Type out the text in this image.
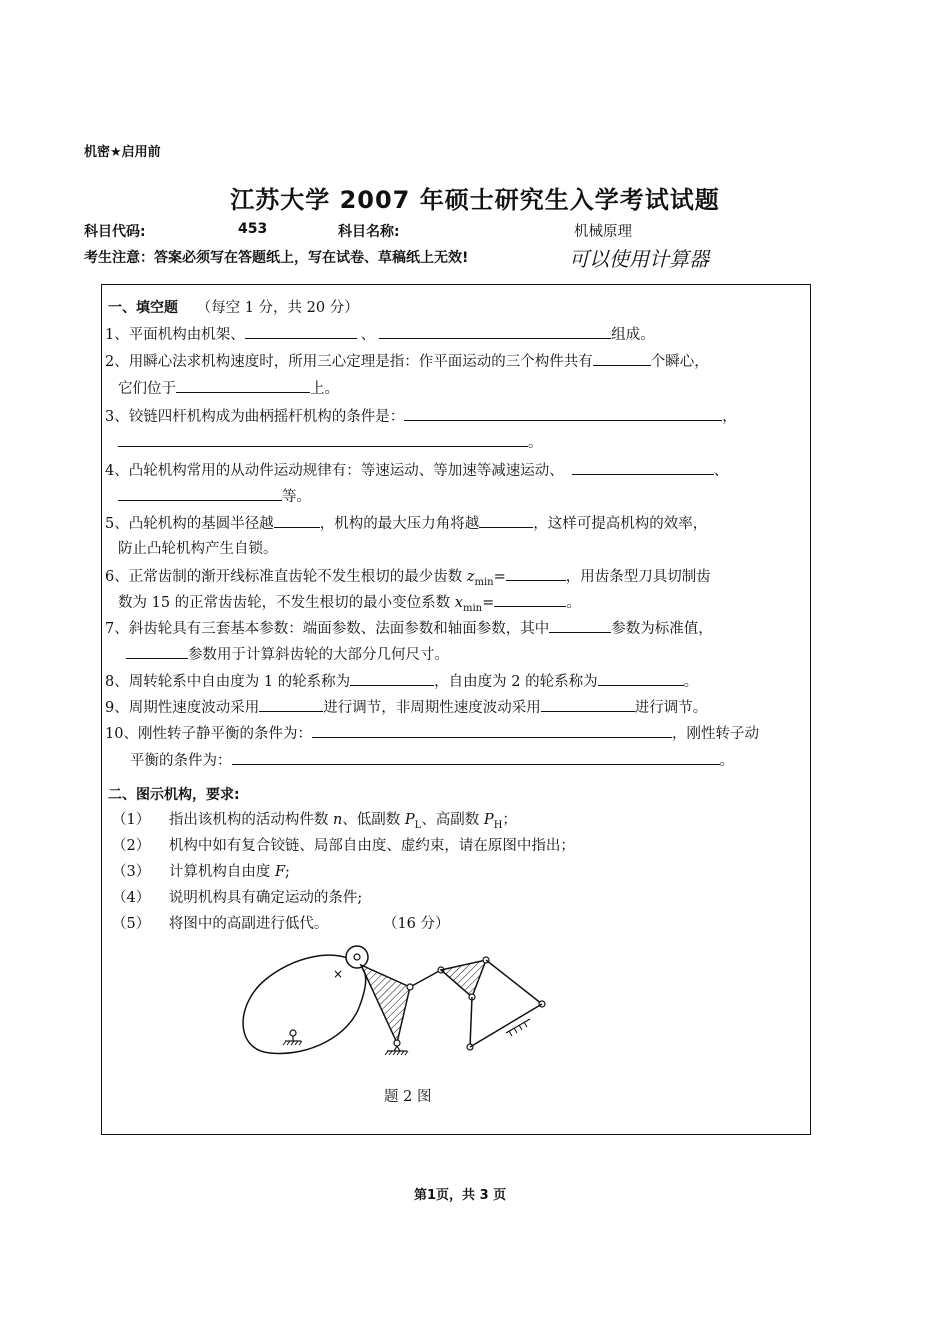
机密★启用前
江苏大学 2007 年硕士研究生入学考试试题
科目代码:	453	科目名称:	机械原理
考生注意：答案必须写在答题纸上，写在试卷、草稿纸上无效!	可以使用计算器
一、填空题 （每空 1 分，共 20 分）
1、平面机构由机架、	、	组成。
2、用瞬心法求机构速度时，所用三心定理是指：作平面运动的三个构件共有	个瞬心，
它们位于	上。
3、铰链四杆机构成为曲柄摇杆机构的条件是：	，
。
4、凸轮机构常用的从动件运动规律有：等速运动、等加速等减速运动、	、
等。
5、凸轮机构的基圆半径越	，机构的最大压力角将越	，这样可提高机构的效率，
防止凸轮机构产生自锁。
6、正常齿制的渐开线标准直齿轮不发生根切的最少齿数 $z_{min}=$	，用齿条型刀具切制齿
数为 15 的正常齿齿轮，不发生根切的最小变位系数 $x_{min}=$	。
7、斜齿轮具有三套基本参数：端面参数、法面参数和轴面参数，其中	参数为标准值，
参数用于计算斜齿轮的大部分几何尺寸。
8、周转轮系中自由度为 1 的轮系称为	，自由度为 2 的轮系称为	。
9、周期性速度波动采用	进行调节，非周期性速度波动采用	进行调节。
10、刚性转子静平衡的条件为：	，刚性转子动
平衡的条件为：	。
二、图示机构，要求:
（1） 指出该机构的活动构件数 n、低副数 $P_L$、高副数 $P_H$；
（2） 机构中如有复合铰链、局部自由度、虚约束，请在原图中指出；
（3） 计算机构自由度 F;
（4） 说明机构具有确定运动的条件;
（5） 将图中的高副进行低代。	（16 分）
×
题 2 图
第1页，共 3 页
